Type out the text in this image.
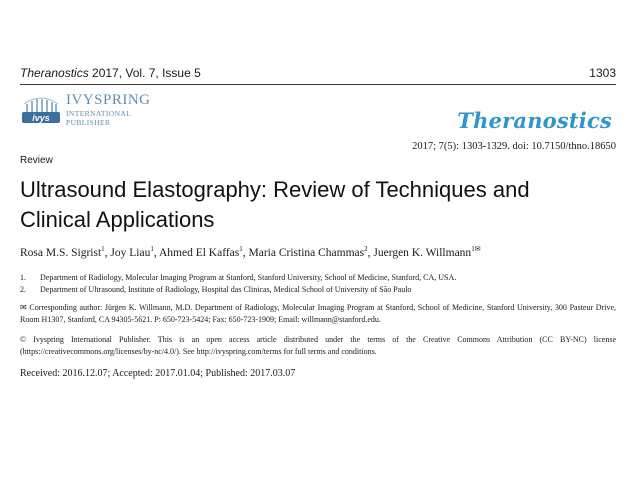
Theranostics 2017, Vol. 7, Issue 5	1303
ivys
IVYSPRING
INTERNATIONAL PUBLISHER	Theranostics
2017; 7(5): 1303-1329. doi: 10.7150/thno.18650
Review
Ultrasound Elastography: Review of Techniques and
Clinical Applications
Rosa M.S. Sigrist$^1$, Joy Liau$^1$, Ahmed El Kaffas$^1$, Maria Cristina Chammas$^2$, Juergen K. Willmann$^{1✉}$
1. Department of Radiology, Molecular Imaging Program at Stanford, Stanford University, School of Medicine, Stanford, CA, USA.
2. Department of Ultrasound, Institute of Radiology, Hospital das Clinicas, Medical School of University of São Paulo
✉ Corresponding author: Jürgen K. Willmann, M.D. Department of Radiology, Molecular Imaging Program at Stanford, School of Medicine, Stanford University, 300 Pasteur Drive, Room H1307, Stanford, CA 94305-5621. P: 650-723-5424; Fax: 650-723-1909; Email: willmann@stanford.edu.
© Ivyspring International Publisher. This is an open access article distributed under the terms of the Creative Commons Attribution (CC BY-NC) license (https://creativecommons.org/licenses/by-nc/4.0/). See http://ivyspring.com/terms for full terms and conditions.
Received: 2016.12.07; Accepted: 2017.01.04; Published: 2017.03.07
